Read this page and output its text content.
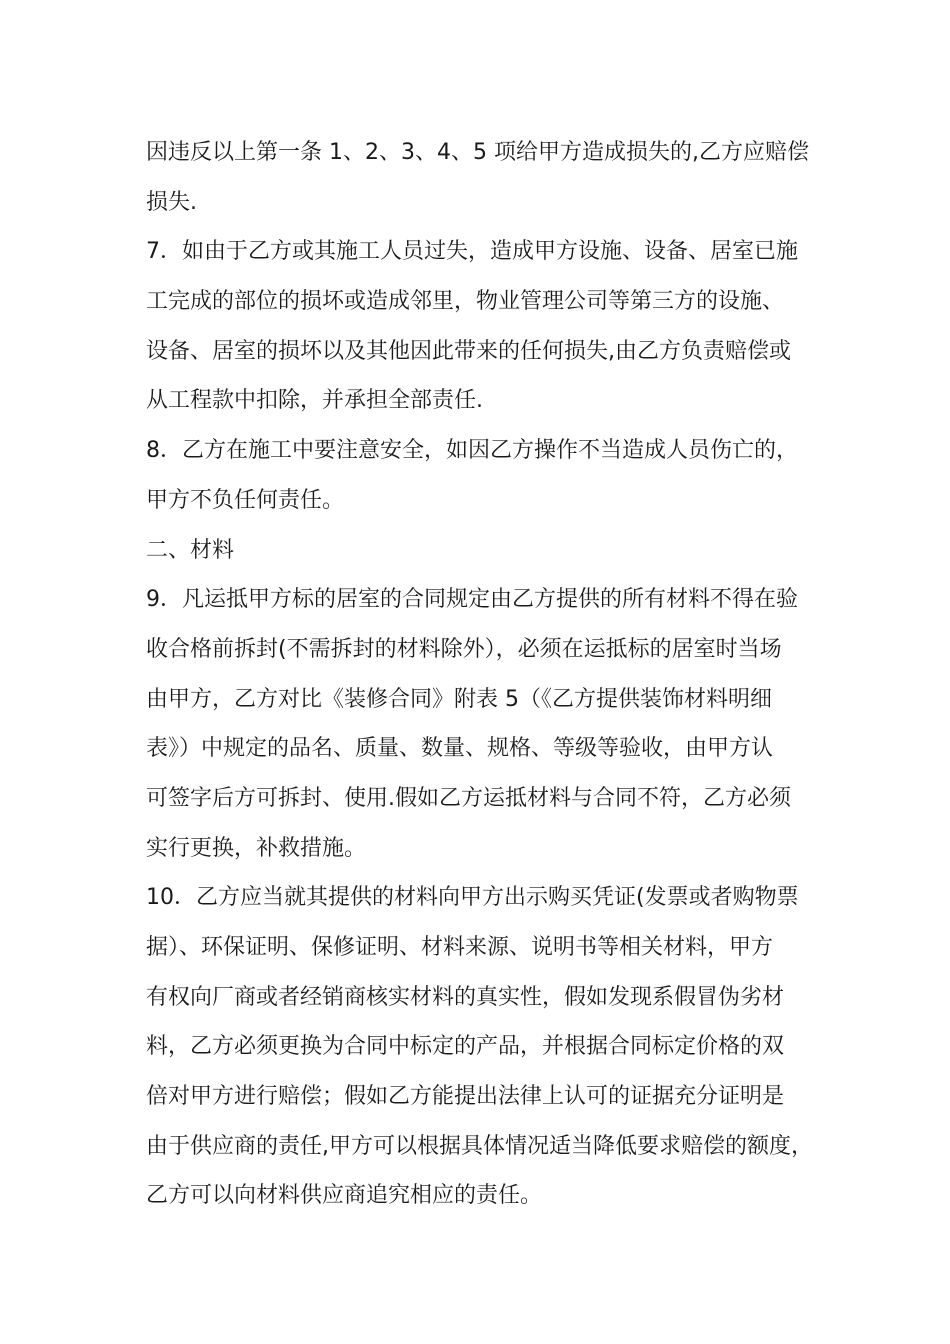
因违反以上第一条 1、2、3、4、5 项给甲方造成损失的,乙方应赔偿
损失.
7．如由于乙方或其施工人员过失，造成甲方设施、设备、居室已施
工完成的部位的损坏或造成邻里，物业管理公司等第三方的设施、
设备、居室的损坏以及其他因此带来的任何损失,由乙方负责赔偿或
从工程款中扣除，并承担全部责任.
8．乙方在施工中要注意安全，如因乙方操作不当造成人员伤亡的，
甲方不负任何责任。
二、材料
9．凡运抵甲方标的居室的合同规定由乙方提供的所有材料不得在验
收合格前拆封(不需拆封的材料除外），必须在运抵标的居室时当场
由甲方，乙方对比《装修合同》附表 5（《乙方提供装饰材料明细
表》）中规定的品名、质量、数量、规格、等级等验收，由甲方认
可签字后方可拆封、使用.假如乙方运抵材料与合同不符，乙方必须
实行更换，补救措施。
10．乙方应当就其提供的材料向甲方出示购买凭证(发票或者购物票
据）、环保证明、保修证明、材料来源、说明书等相关材料，甲方
有权向厂商或者经销商核实材料的真实性，假如发现系假冒伪劣材
料，乙方必须更换为合同中标定的产品，并根据合同标定价格的双
倍对甲方进行赔偿；假如乙方能提出法律上认可的证据充分证明是
由于供应商的责任,甲方可以根据具体情况适当降低要求赔偿的额度，
乙方可以向材料供应商追究相应的责任。
